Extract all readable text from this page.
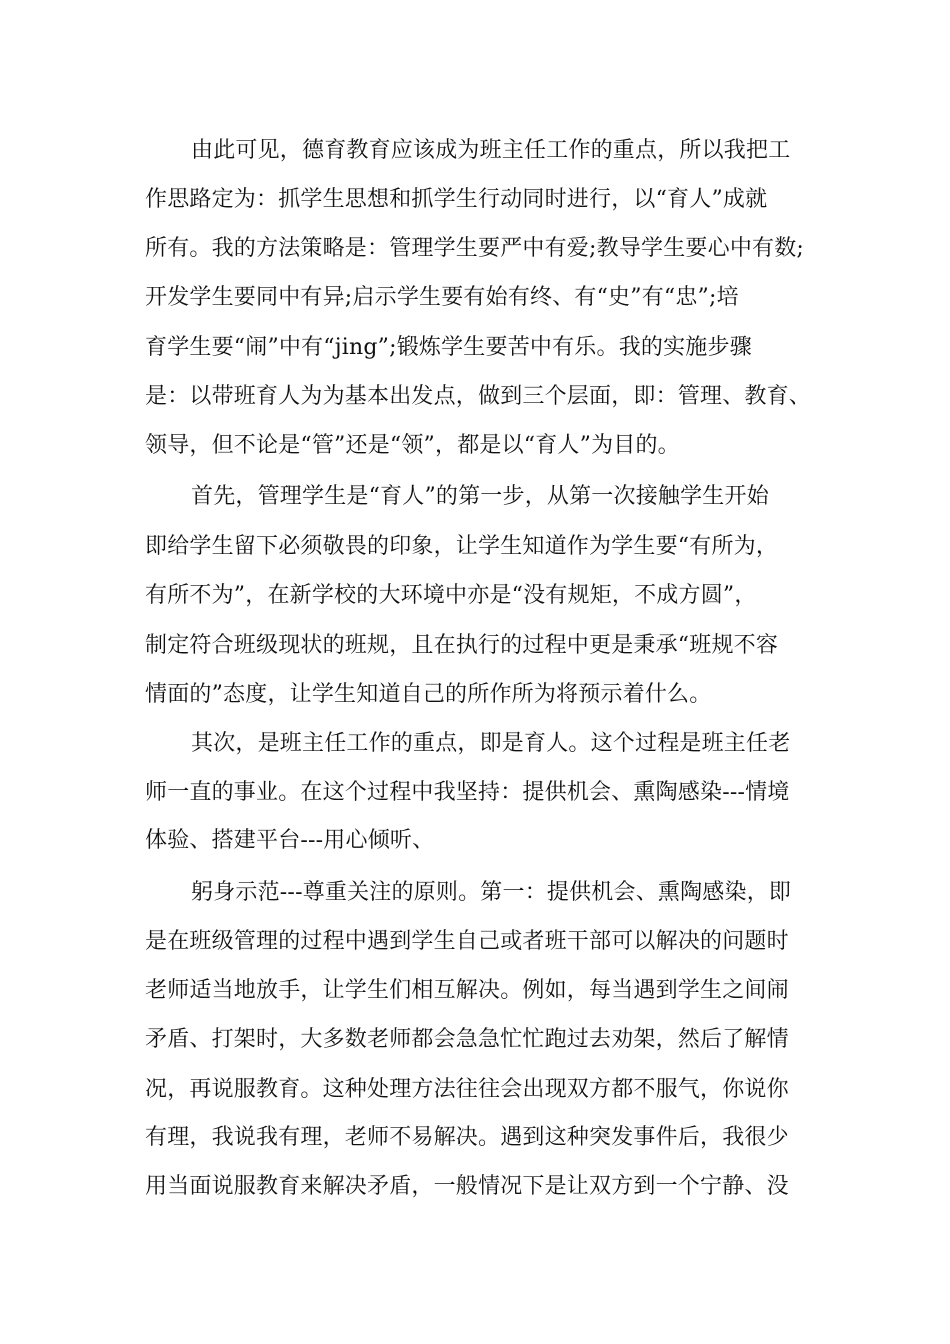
由此可见，德育教育应该成为班主任工作的重点，所以我把工
作思路定为：抓学生思想和抓学生行动同时进行，以“育人”成就
所有。我的方法策略是：管理学生要严中有爱;教导学生要心中有数;
开发学生要同中有异;启示学生要有始有终、有“史”有“忠”;培
育学生要“闹”中有“jing”;锻炼学生要苦中有乐。我的实施步骤
是：以带班育人为为基本出发点，做到三个层面，即：管理、教育、
领导，但不论是“管”还是“领”，都是以“育人”为目的。
首先，管理学生是“育人”的第一步，从第一次接触学生开始
即给学生留下必须敬畏的印象，让学生知道作为学生要“有所为，
有所不为”，在新学校的大环境中亦是“没有规矩，不成方圆”，
制定符合班级现状的班规，且在执行的过程中更是秉承“班规不容
情面的”态度，让学生知道自己的所作所为将预示着什么。
其次，是班主任工作的重点，即是育人。这个过程是班主任老
师一直的事业。在这个过程中我坚持：提供机会、熏陶感染---情境
体验、搭建平台---用心倾听、
躬身示范---尊重关注的原则。第一：提供机会、熏陶感染，即
是在班级管理的过程中遇到学生自己或者班干部可以解决的问题时
老师适当地放手，让学生们相互解决。例如，每当遇到学生之间闹
矛盾、打架时，大多数老师都会急急忙忙跑过去劝架，然后了解情
况，再说服教育。这种处理方法往往会出现双方都不服气，你说你
有理，我说我有理，老师不易解决。遇到这种突发事件后，我很少
用当面说服教育来解决矛盾，一般情况下是让双方到一个宁静、没
